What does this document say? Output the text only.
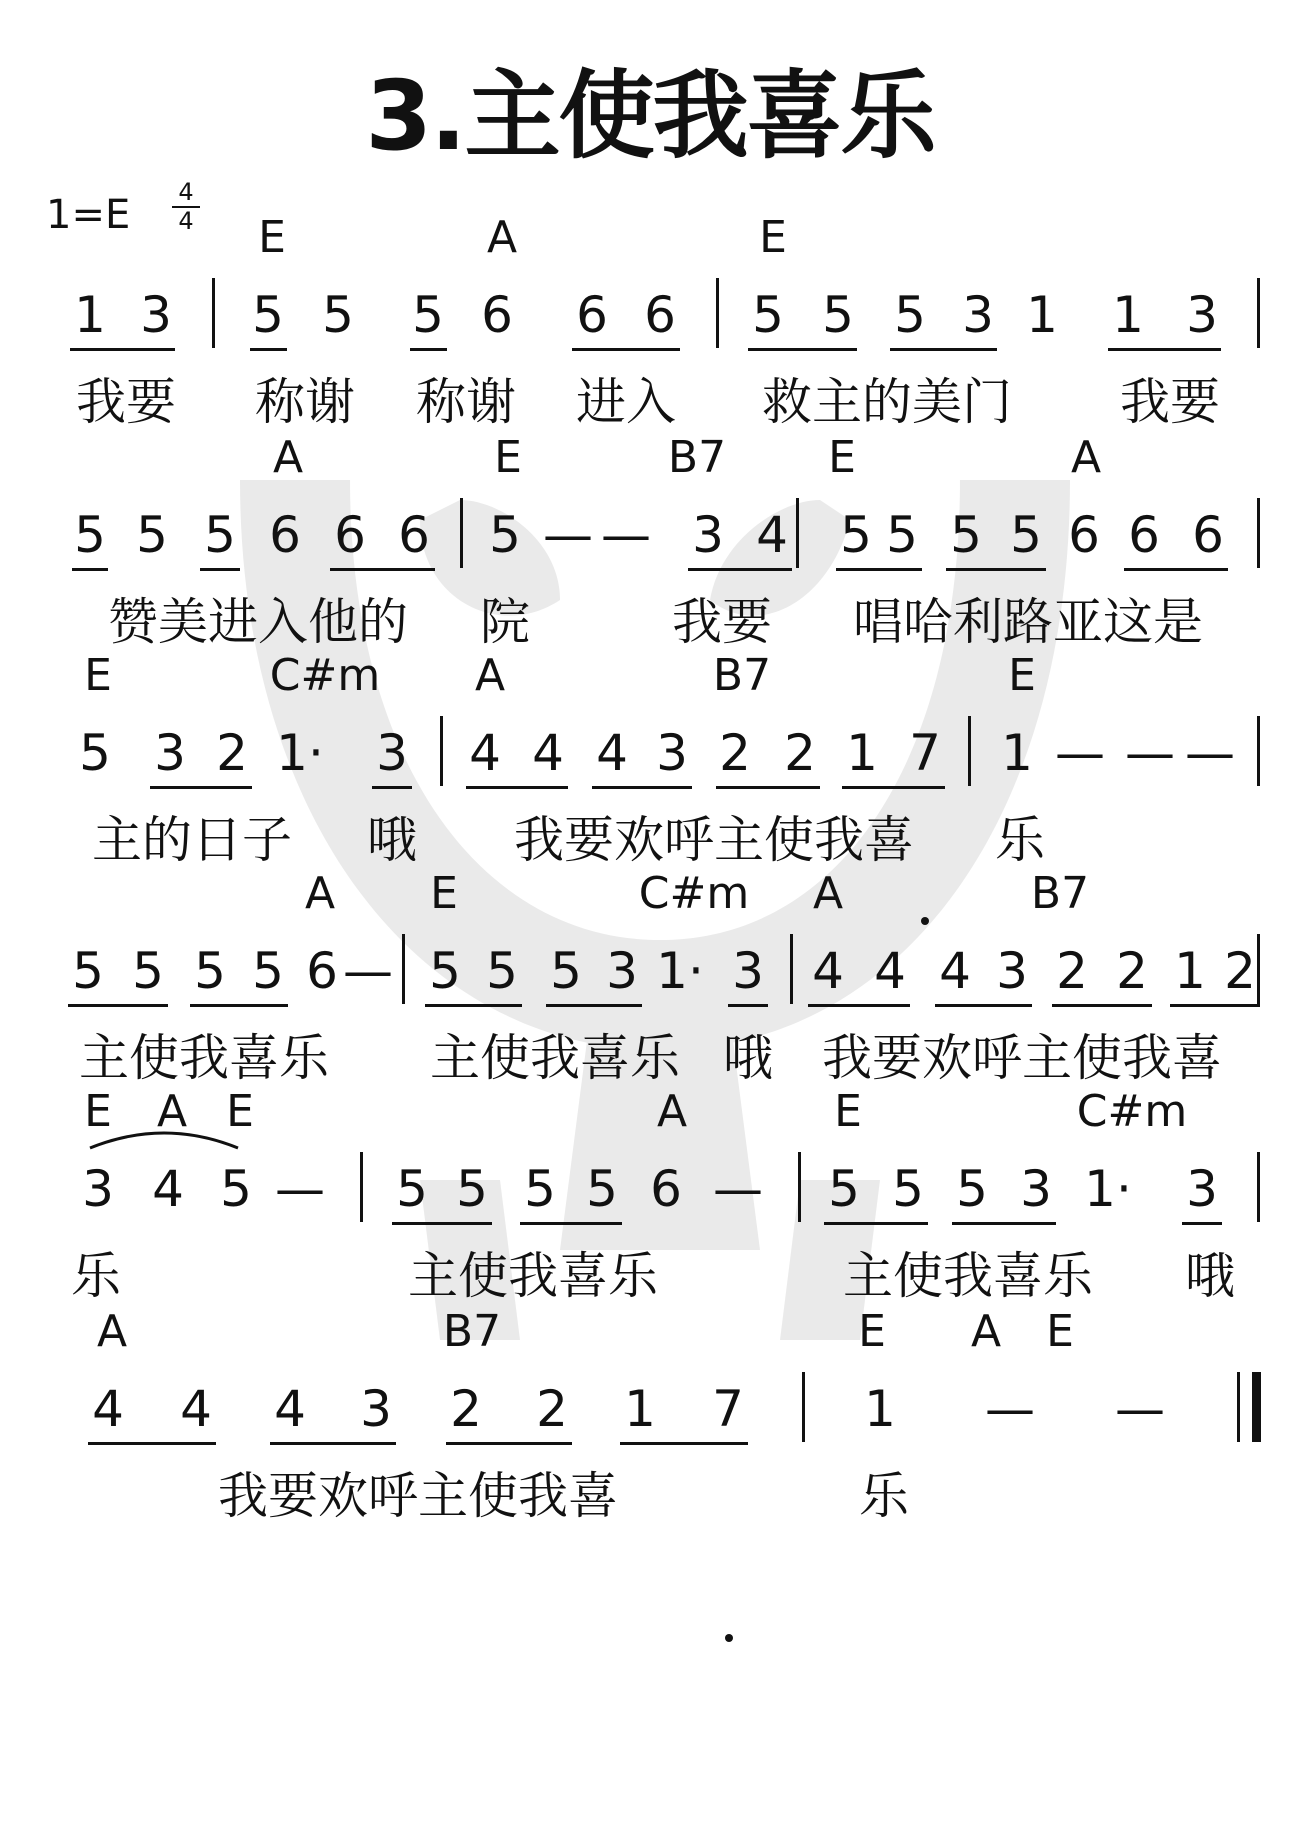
3.主使我喜乐
1=E 4
4 E	A	E
1 3 5 5 5 6 6 6 5 5 5 3 1 1 3
我要 称谢 称谢 进入 救主的美门 我要
A	E	B7 E	A
5 5 5 6 6 6 5 — — 3 4 5 5 5 5 6 6 6
赞美进入他的 院	我要 唱哈利路亚这是
E	C#m A	B7	E
5 3 2 1· 3 4 4 4 3 2 2 1 7 1 — — —
主的日子 哦 我要欢呼主使我喜 乐
A E	C#m A	B7
5 5 5 5 6 — 5 5 5 3 1· 3 4 4 4 3 2 2 1 2
主使我喜乐 主使我喜乐 哦 我要欢呼主使我喜
E A E	A	E	C#m
3 4 5 — 5 5 5 5 6 — 5 5 5 3 1· 3
乐	主使我喜乐	主使我喜乐 哦
A	B7	E A E
4 4 4 3 2 2 1 7 1 — —
我要欢呼主使我喜	乐
